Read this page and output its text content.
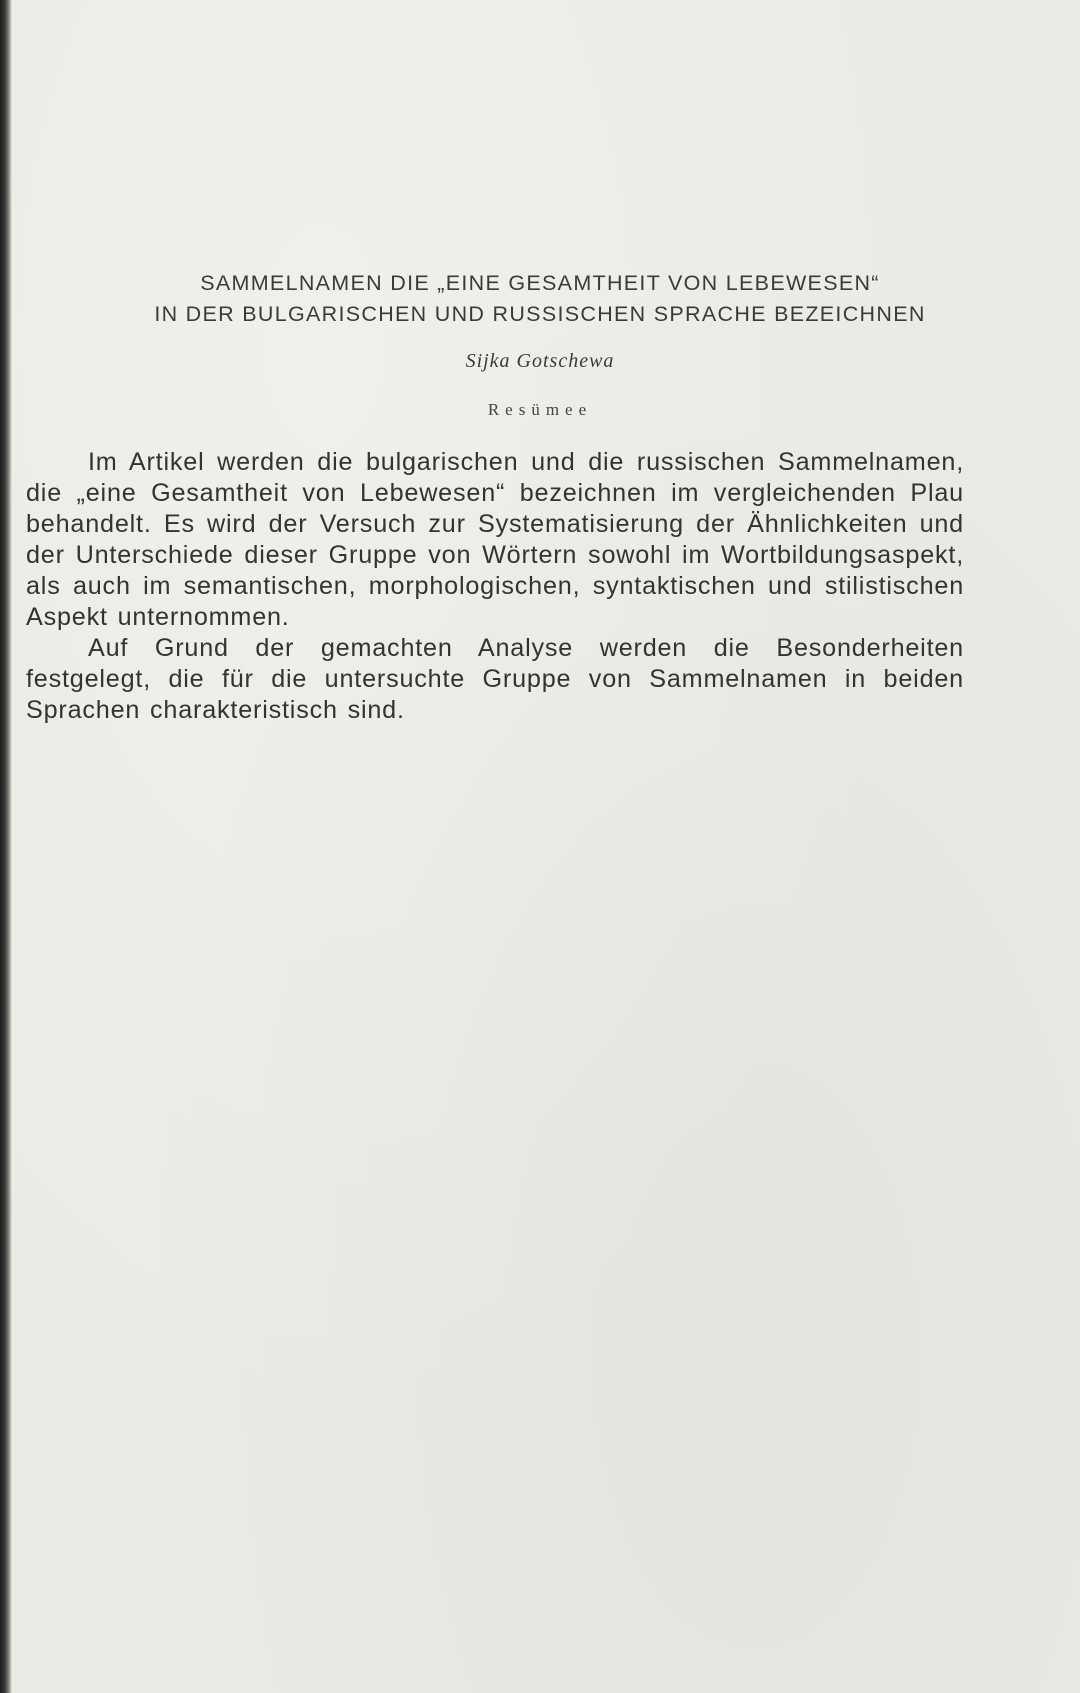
SAMMELNAMEN DIE „EINE GESAMTHEIT VON LEBEWESEN“
IN DER BULGARISCHEN UND RUSSISCHEN SPRACHE BEZEICHNEN
Sijka Gotschewa
Resümee

Im Artikel werden die bulgarischen und die russischen Sammelnamen, die „eine Gesamtheit von Lebewesen“ bezeichnen im vergleichenden Plau behandelt. Es wird der Versuch zur Systematisierung der Ähnlichkeiten und der Unterschiede dieser Gruppe von Wörtern sowohl im Wortbildungsaspekt, als auch im semantischen, morphologischen, syntaktischen und stilistischen Aspekt unternommen.

Auf Grund der gemachten Analyse werden die Besonderheiten festgelegt, die für die untersuchte Gruppe von Sammelnamen in beiden Sprachen charakteristisch sind.
